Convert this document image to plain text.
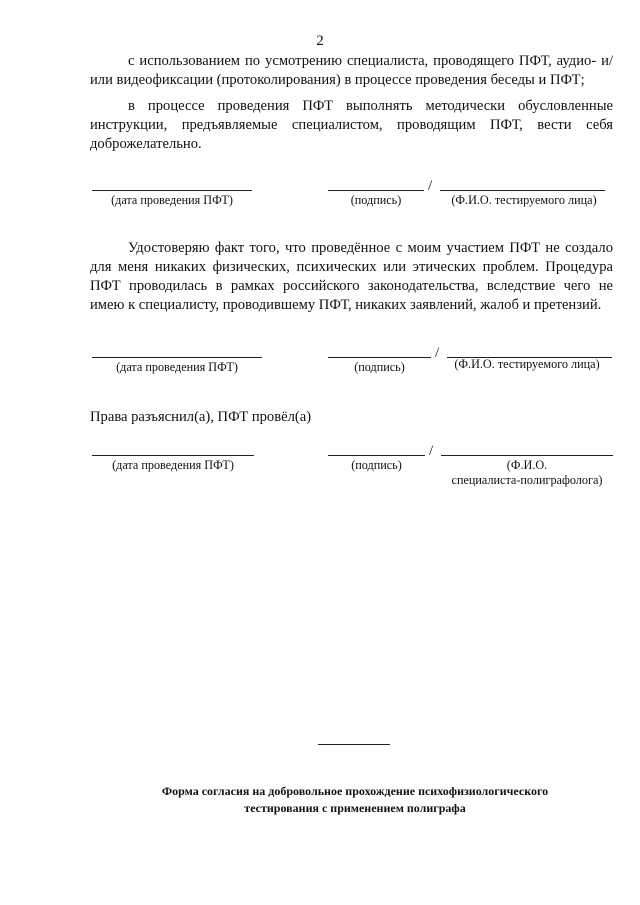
2

с использованием по усмотрению специалиста, проводящего ПФТ, аудио- и/или видеофиксации (протоколирования) в процессе проведения беседы и ПФТ;

в процессе проведения ПФТ выполнять методически обусловленные инструкции, предъявляемые специалистом, проводящим ПФТ, вести себя доброжелательно.

/
(дата проведения ПФТ)	(подпись)	(Ф.И.О. тестируемого лица)

Удостоверяю факт того, что проведённое с моим участием ПФТ не создало для меня никаких физических, психических или этических проблем. Процедура ПФТ проводилась в рамках российского законодательства, вследствие чего не имею к специалисту, проводившему ПФТ, никаких заявлений, жалоб и претензий.

/
(дата проведения ПФТ)	(подпись)	(Ф.И.О. тестируемого лица)
Права разъяснил(а), ПФТ провёл(а)
/
(дата проведения ПФТ)	(подпись)	(Ф.И.О.
специалиста-полиграфолога)
Форма согласия на добровольное прохождение психофизиологического
тестирования с применением полиграфа
